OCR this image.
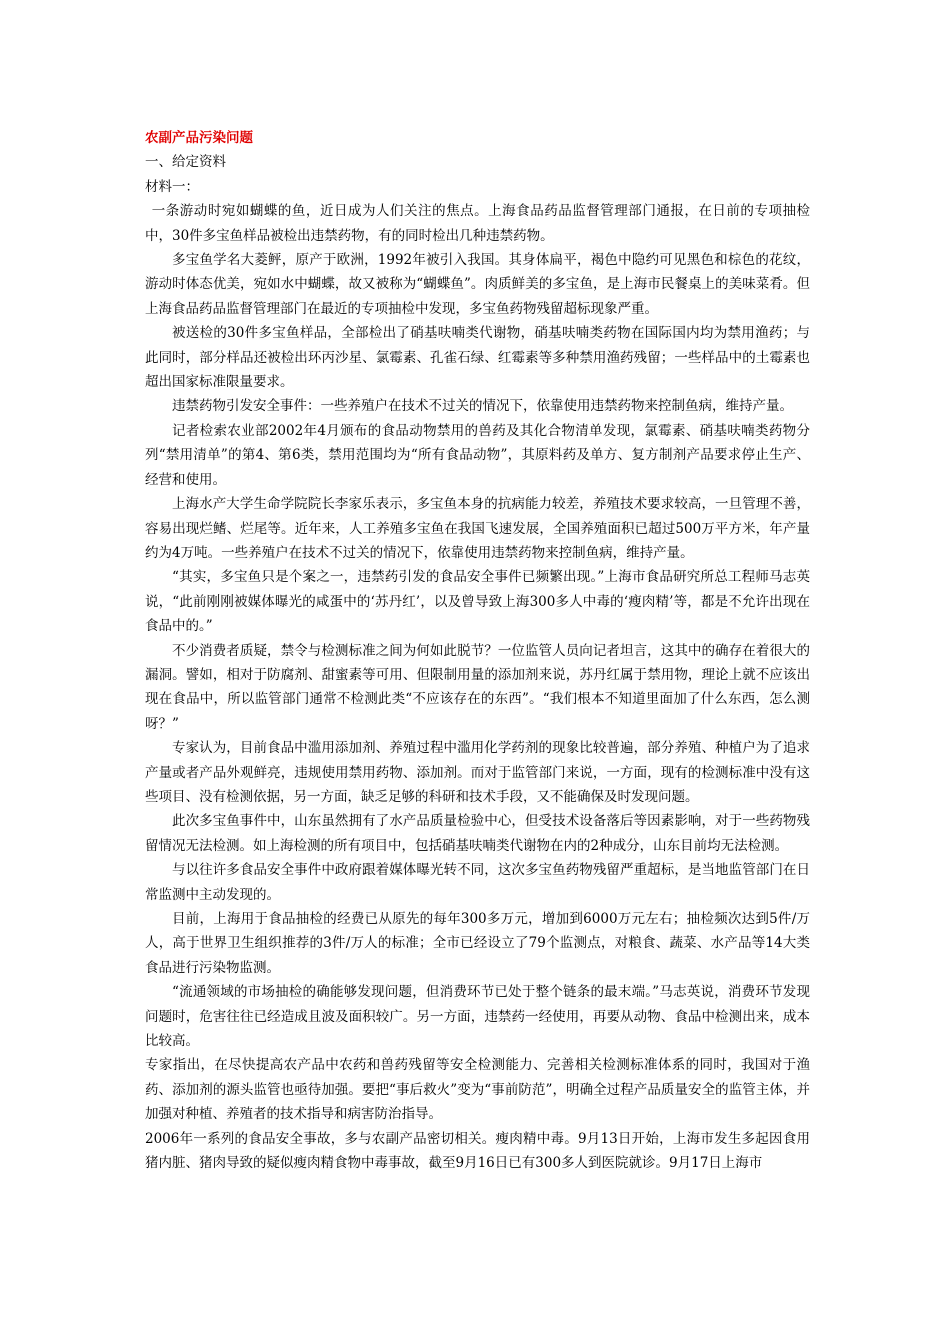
农副产品污染问题

一、给定资料

材料一：

一条游动时宛如蝴蝶的鱼，近日成为人们关注的焦点。上海食品药品监督管理部门通报，在日前的专项抽检中，30件多宝鱼样品被检出违禁药物，有的同时检出几种违禁药物。

多宝鱼学名大菱鲆，原产于欧洲，1992年被引入我国。其身体扁平，褐色中隐约可见黑色和棕色的花纹，游动时体态优美，宛如水中蝴蝶，故又被称为“蝴蝶鱼”。肉质鲜美的多宝鱼，是上海市民餐桌上的美味菜肴。但上海食品药品监督管理部门在最近的专项抽检中发现，多宝鱼药物残留超标现象严重。

被送检的30件多宝鱼样品，全部检出了硝基呋喃类代谢物，硝基呋喃类药物在国际国内均为禁用渔药；与此同时，部分样品还被检出环丙沙星、氯霉素、孔雀石绿、红霉素等多种禁用渔药残留；一些样品中的土霉素也超出国家标准限量要求。

违禁药物引发安全事件：一些养殖户在技术不过关的情况下，依靠使用违禁药物来控制鱼病，维持产量。

记者检索农业部2002年4月颁布的食品动物禁用的兽药及其化合物清单发现，氯霉素、硝基呋喃类药物分列“禁用清单”的第4、第6类，禁用范围均为“所有食品动物”，其原料药及单方、复方制剂产品要求停止生产、经营和使用。

上海水产大学生命学院院长李家乐表示，多宝鱼本身的抗病能力较差，养殖技术要求较高，一旦管理不善，容易出现烂鳍、烂尾等。近年来，人工养殖多宝鱼在我国飞速发展，全国养殖面积已超过500万平方米，年产量约为4万吨。一些养殖户在技术不过关的情况下，依靠使用违禁药物来控制鱼病，维持产量。

“其实，多宝鱼只是个案之一，违禁药引发的食品安全事件已频繁出现。”上海市食品研究所总工程师马志英说，“此前刚刚被媒体曝光的咸蛋中的‘苏丹红’，以及曾导致上海300多人中毒的‘瘦肉精’等，都是不允许出现在食品中的。”

不少消费者质疑，禁令与检测标准之间为何如此脱节？一位监管人员向记者坦言，这其中的确存在着很大的漏洞。譬如，相对于防腐剂、甜蜜素等可用、但限制用量的添加剂来说，苏丹红属于禁用物，理论上就不应该出现在食品中，所以监管部门通常不检测此类“不应该存在的东西”。“我们根本不知道里面加了什么东西，怎么测呀？”

专家认为，目前食品中滥用添加剂、养殖过程中滥用化学药剂的现象比较普遍，部分养殖、种植户为了追求产量或者产品外观鲜亮，违规使用禁用药物、添加剂。而对于监管部门来说，一方面，现有的检测标准中没有这些项目、没有检测依据，另一方面，缺乏足够的科研和技术手段，又不能确保及时发现问题。

此次多宝鱼事件中，山东虽然拥有了水产品质量检验中心，但受技术设备落后等因素影响，对于一些药物残留情况无法检测。如上海检测的所有项目中，包括硝基呋喃类代谢物在内的2种成分，山东目前均无法检测。

与以往许多食品安全事件中政府跟着媒体曝光转不同，这次多宝鱼药物残留严重超标，是当地监管部门在日常监测中主动发现的。

目前，上海用于食品抽检的经费已从原先的每年300多万元，增加到6000万元左右；抽检频次达到5件/万人，高于世界卫生组织推荐的3件/万人的标准；全市已经设立了79个监测点，对粮食、蔬菜、水产品等14大类食品进行污染物监测。

“流通领域的市场抽检的确能够发现问题，但消费环节已处于整个链条的最末端。”马志英说，消费环节发现问题时，危害往往已经造成且波及面积较广。另一方面，违禁药一经使用，再要从动物、食品中检测出来，成本比较高。

专家指出，在尽快提高农产品中农药和兽药残留等安全检测能力、完善相关检测标准体系的同时，我国对于渔药、添加剂的源头监管也亟待加强。要把“事后救火”变为“事前防范”，明确全过程产品质量安全的监管主体，并加强对种植、养殖者的技术指导和病害防治指导。

2006年一系列的食品安全事故，多与农副产品密切相关。瘦肉精中毒。9月13日开始，上海市发生多起因食用猪内脏、猪肉导致的疑似瘦肉精食物中毒事故，截至9月16日已有300多人到医院就诊。9月17日上海市
